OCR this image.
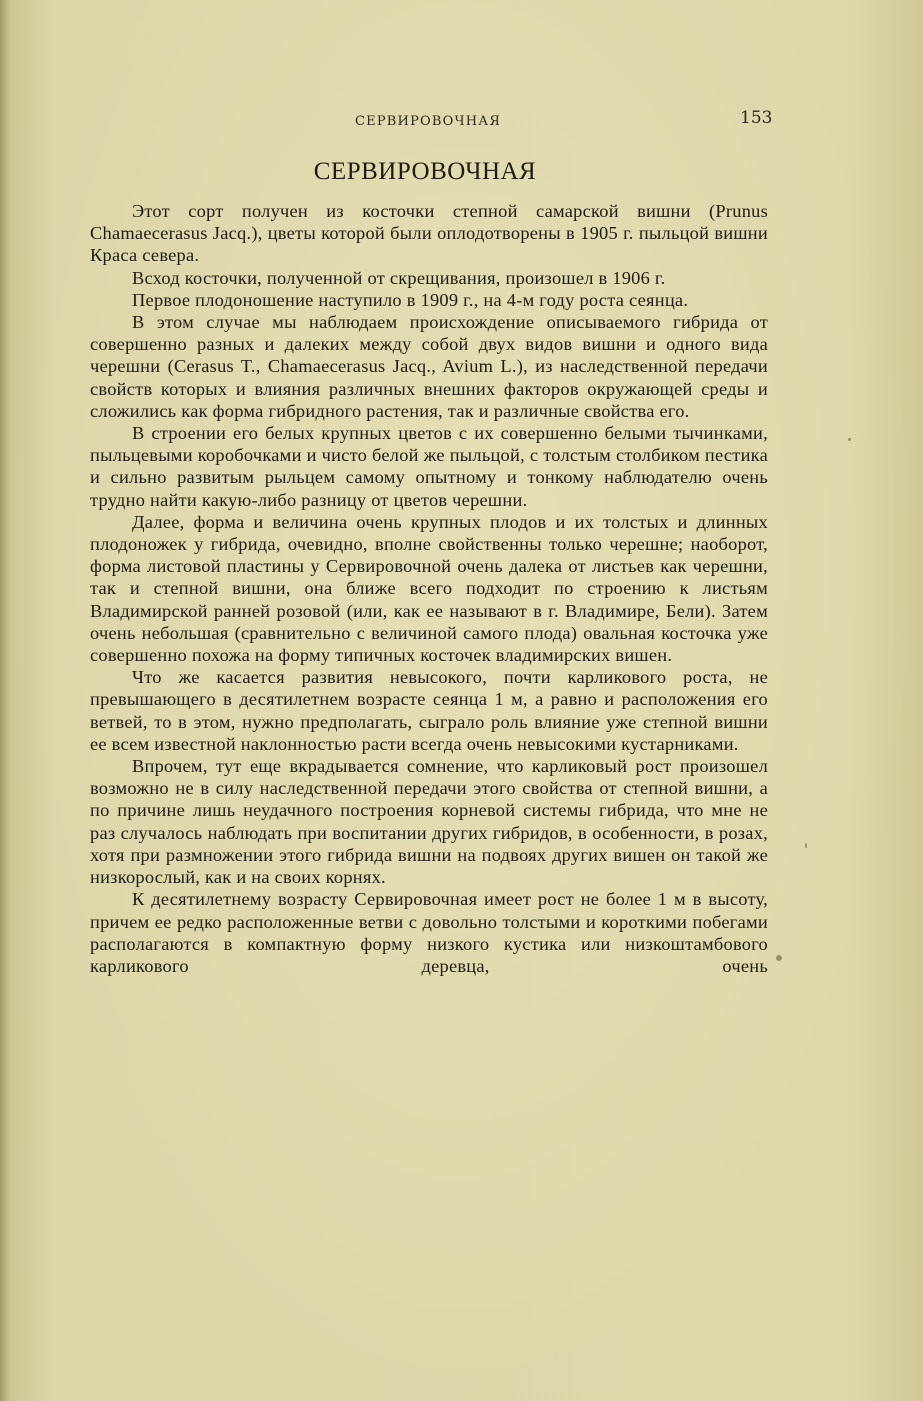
СЕРВИРОВОЧНАЯ	153
СЕРВИРОВОЧНАЯ

Этот сорт получен из косточки степной самарской вишни (Prunus Chamaecerasus Jacq.), цветы которой были оплодотворены в 1905 г. пыльцой вишни Краса севера.

Всход косточки, полученной от скрещивания, произошел в 1906 г.

Первое плодоношение наступило в 1909 г., на 4-м году роста сеянца.

В этом случае мы наблюдаем происхождение описываемого гибрида от совершенно разных и далеких между собой двух видов вишни и одного вида черешни (Cerasus T., Chamaecerasus Jacq., Avium L.), из наследственной передачи свойств которых и влияния различных внешних факторов окружающей среды и сложились как форма гибридного растения, так и различные свойства его.

В строении его белых крупных цветов с их совершенно белыми тычинками, пыльцевыми коробочками и чисто белой же пыльцой, с толстым столбиком пестика и сильно развитым рыльцем самому опытному и тонкому наблюдателю очень трудно найти какую-либо разницу от цветов черешни.

Далее, форма и величина очень крупных плодов и их толстых и длинных плодоножек у гибрида, очевидно, вполне свойственны только черешне; наоборот, форма листовой пластины у Сервировочной очень далека от листьев как черешни, так и степной вишни, она ближе всего подходит по строению к листьям Владимирской ранней розовой (или, как ее называют в г. Владимире, Бели). Затем очень небольшая (сравнительно с величиной самого плода) овальная косточка уже совершенно похожа на форму типичных косточек владимирских вишен.

Что же касается развития невысокого, почти карликового роста, не превышающего в десятилетнем возрасте сеянца 1 м, а равно и расположения его ветвей, то в этом, нужно предполагать, сыграло роль влияние уже степной вишни ее всем известной наклонностью расти всегда очень невысокими кустарниками.

Впрочем, тут еще вкрадывается сомнение, что карликовый рост произошел возможно не в силу наследственной передачи этого свойства от степной вишни, а по причине лишь неудачного построения корневой системы гибрида, что мне не раз случалось наблюдать при воспитании других гибридов, в особенности, в розах, хотя при размножении этого гибрида вишни на подвоях других вишен он такой же низкорослый, как и на своих корнях.

К десятилетнему возрасту Сервировочная имеет рост не более 1 м в высоту, причем ее редко расположенные ветви с довольно толстыми и короткими побегами располагаются в компактную форму низкого кустика или низкоштамбового карликового деревца, очень
